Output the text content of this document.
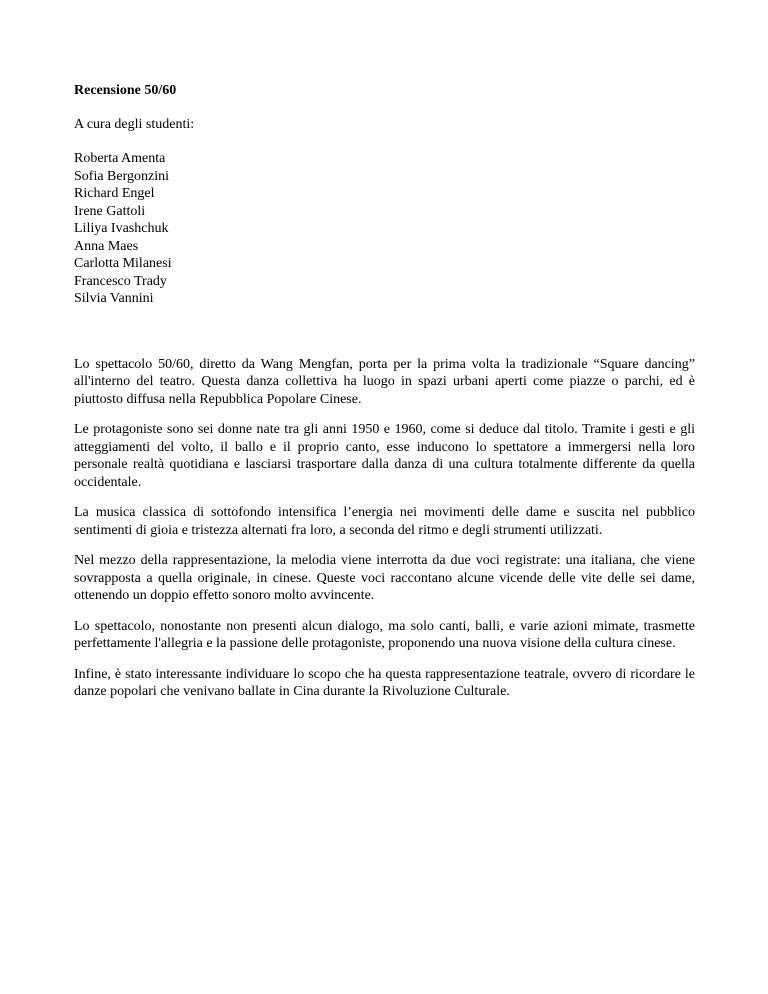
Recensione 50/60

A cura degli studenti:

Roberta Amenta
Sofia Bergonzini
Richard Engel
Irene Gattoli
Liliya Ivashchuk
Anna Maes
Carlotta Milanesi
Francesco Trady
Silvia Vannini

Lo spettacolo 50/60, diretto da Wang Mengfan, porta per la prima volta la tradizionale “Square dancing” all'interno del teatro. Questa danza collettiva ha luogo in spazi urbani aperti come piazze o parchi, ed è piuttosto diffusa nella Repubblica Popolare Cinese.

Le protagoniste sono sei donne nate tra gli anni 1950 e 1960, come si deduce dal titolo. Tramite i gesti e gli atteggiamenti del volto, il ballo e il proprio canto, esse inducono lo spettatore a immergersi nella loro personale realtà quotidiana e lasciarsi trasportare dalla danza di una cultura totalmente differente da quella occidentale.

La musica classica di sottofondo intensifica l’energia nei movimenti delle dame e suscita nel pubblico sentimenti di gioia e tristezza alternati fra loro, a seconda del ritmo e degli strumenti utilizzati.

Nel mezzo della rappresentazione, la melodia viene interrotta da due voci registrate: una italiana, che viene sovrapposta a quella originale, in cinese. Queste voci raccontano alcune vicende delle vite delle sei dame, ottenendo un doppio effetto sonoro molto avvincente.

Lo spettacolo, nonostante non presenti alcun dialogo, ma solo canti, balli, e varie azioni mimate, trasmette perfettamente l'allegria e la passione delle protagoniste, proponendo una nuova visione della cultura cinese.

Infine, è stato interessante individuare lo scopo che ha questa rappresentazione teatrale, ovvero di ricordare le danze popolari che venivano ballate in Cina durante la Rivoluzione Culturale.
